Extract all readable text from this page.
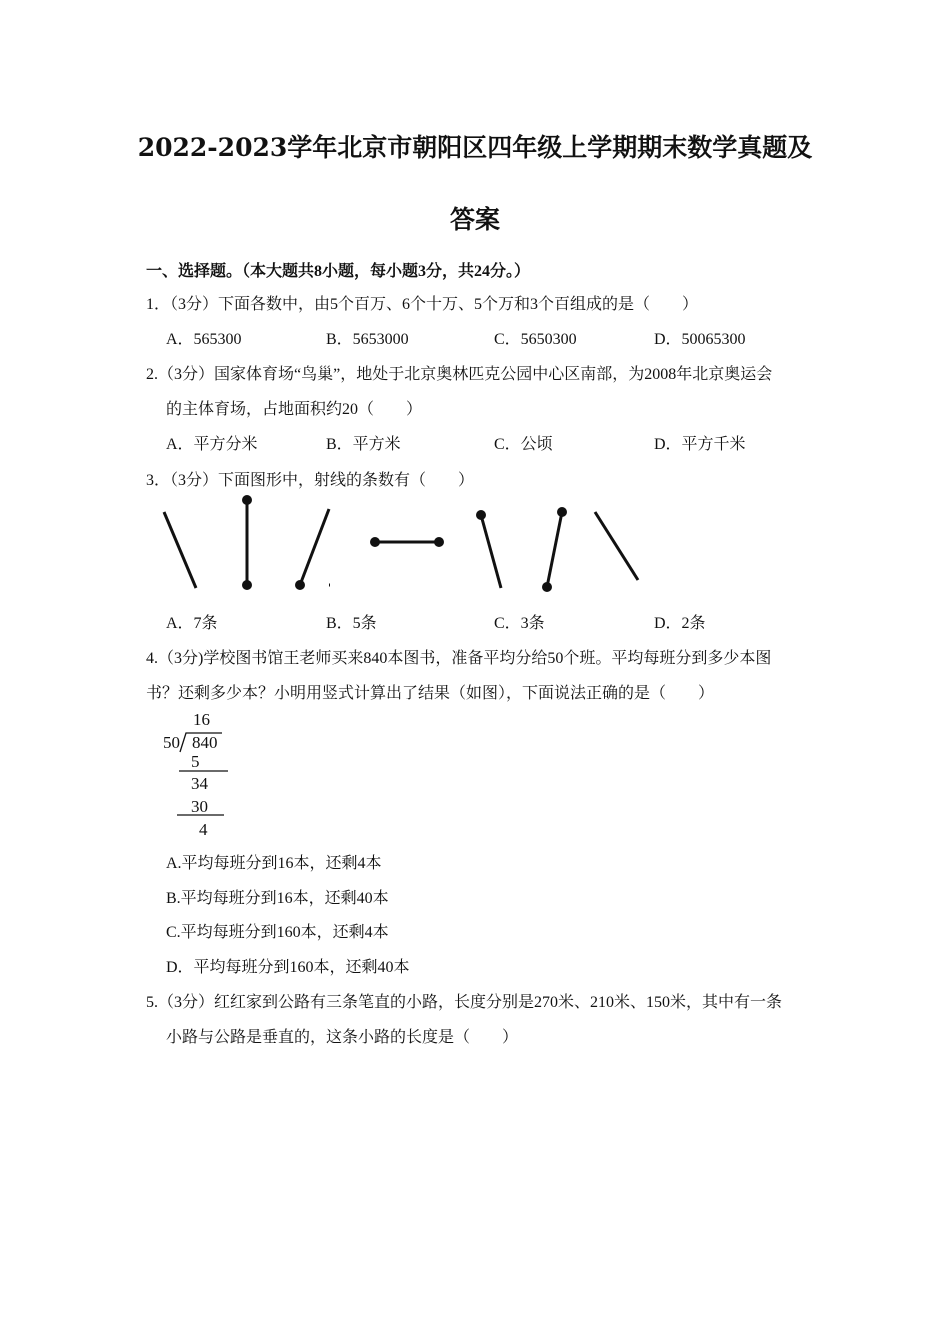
2022-2023学年北京市朝阳区四年级上学期期末数学真题及
答案
一、选择题。（本大题共8小题，每小题3分，共24分。）
1．（3分）下面各数中，由5个百万、6个十万、5个万和3个百组成的是（　　）
A．565300	B．5653000	C．5650300	D．50065300
2.（3分）国家体育场“鸟巢”，地处于北京奥林匹克公园中心区南部，为2008年北京奥运会
的主体育场，占地面积约20（　　）
A．平方分米	B．平方米	C．公顷	D．平方千米
3．（3分）下面图形中，射线的条数有（　　）
A．7条	B．5条	C．3条	D．2条
4.（3分)学校图书馆王老师买来840本图书，准备平均分给50个班。平均每班分到多少本图
书？还剩多少本？小明用竖式计算出了结果（如图），下面说法正确的是（　　）
16
50 840
5
34
30
4
A.平均每班分到16本，还剩4本
B.平均每班分到16本，还剩40本
C.平均每班分到160本，还剩4本
D．平均每班分到160本，还剩40本
5.（3分）红红家到公路有三条笔直的小路，长度分别是270米、210米、150米，其中有一条
小路与公路是垂直的，这条小路的长度是（　　）
